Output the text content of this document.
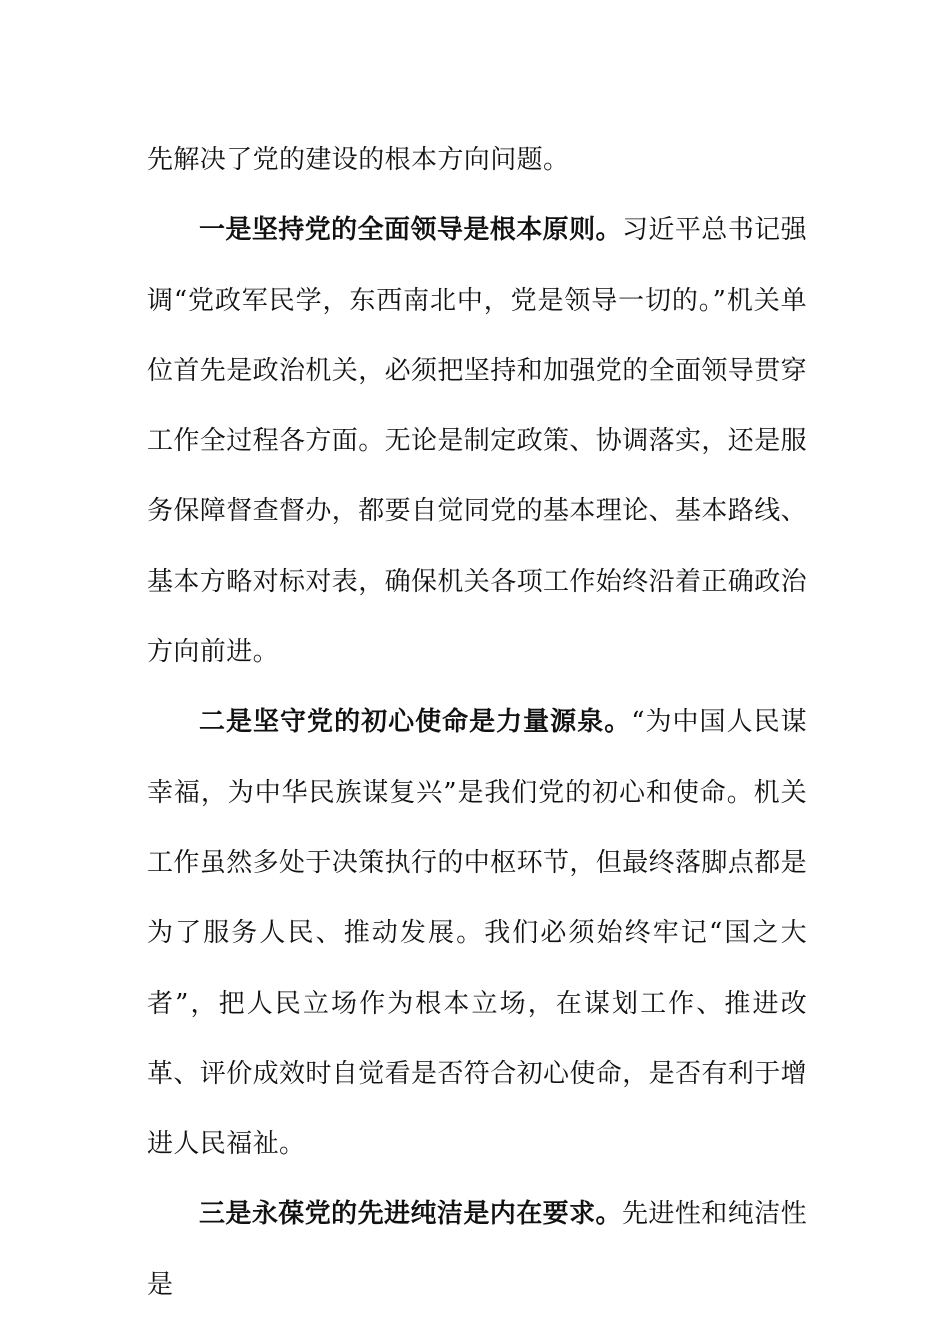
先解决了党的建设的根本方向问题。

一是坚持党的全面领导是根本原则。习近平总书记强调“党政军民学，东西南北中，党是领导一切的。”机关单位首先是政治机关，必须把坚持和加强党的全面领导贯穿工作全过程各方面。无论是制定政策、协调落实，还是服务保障督查督办，都要自觉同党的基本理论、基本路线、基本方略对标对表，确保机关各项工作始终沿着正确政治方向前进。

二是坚守党的初心使命是力量源泉。“为中国人民谋幸福，为中华民族谋复兴”是我们党的初心和使命。机关工作虽然多处于决策执行的中枢环节，但最终落脚点都是为了服务人民、推动发展。我们必须始终牢记“国之大者”，把人民立场作为根本立场，在谋划工作、推进改革、评价成效时自觉看是否符合初心使命，是否有利于增进人民福祉。

三是永葆党的先进纯洁是内在要求。先进性和纯洁性是
